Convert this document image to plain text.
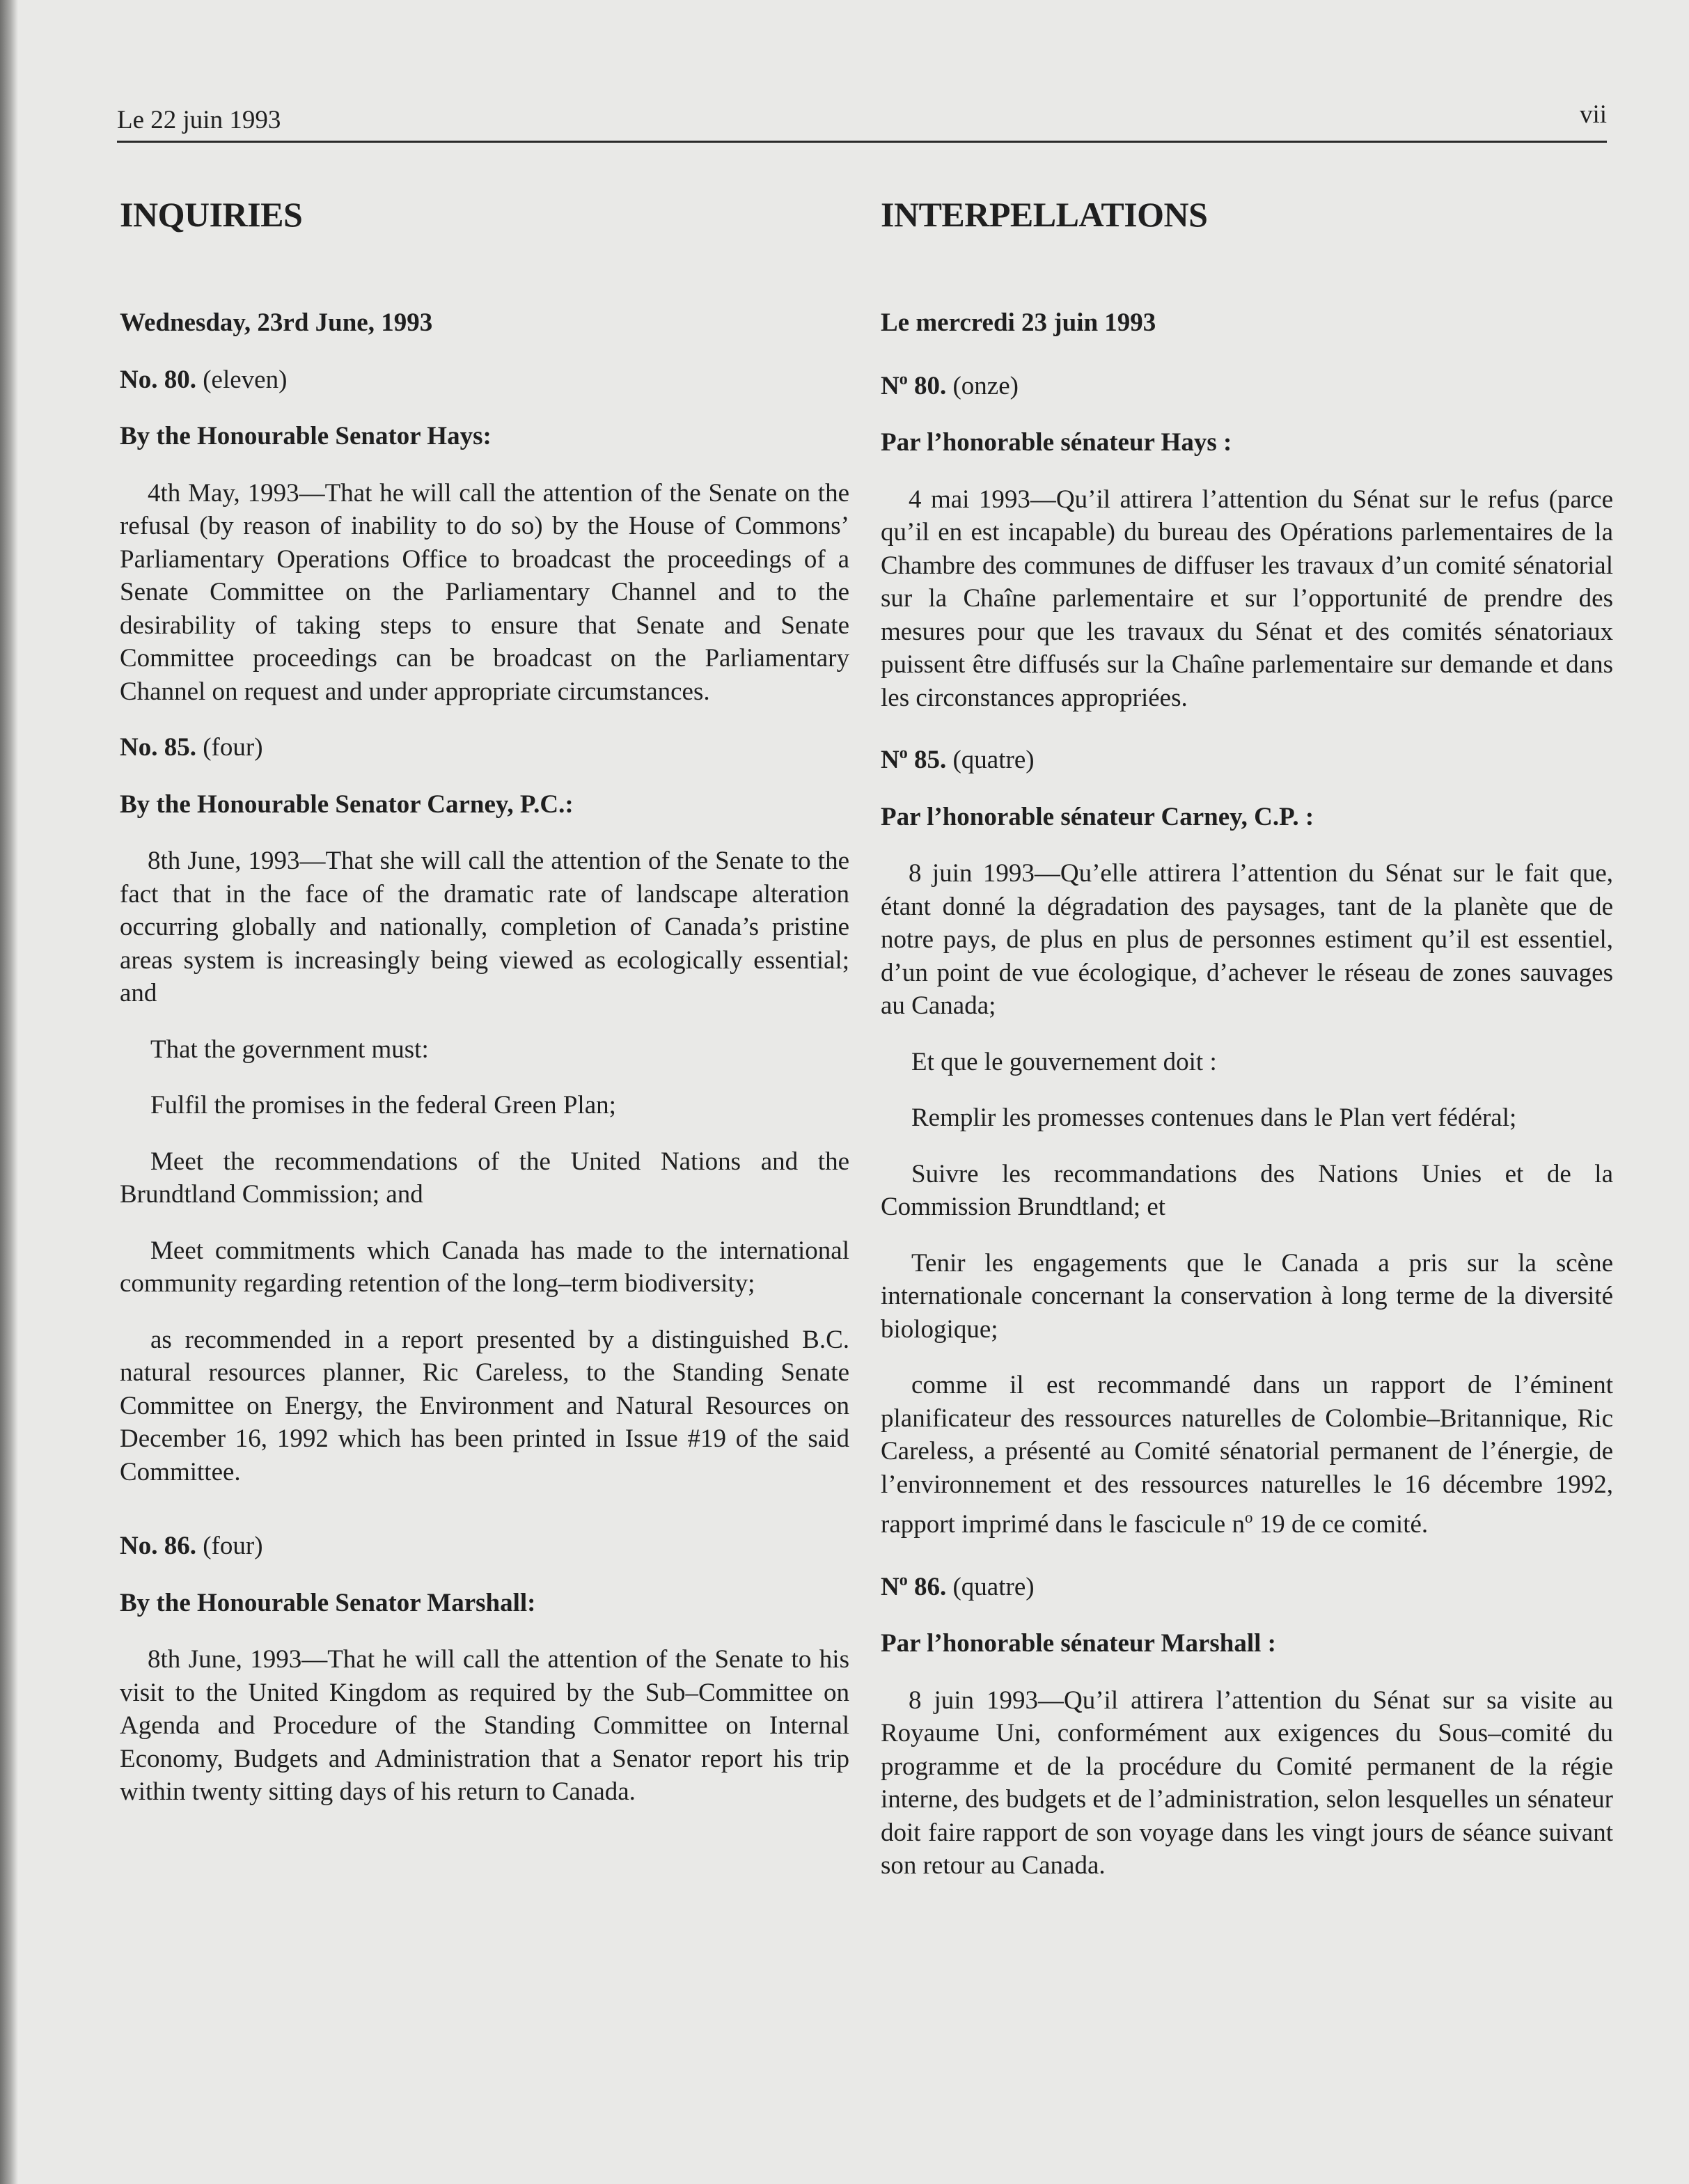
Le 22 juin 1993	vii
INQUIRIES
Wednesday, 23rd June, 1993
No. 80. (eleven)
By the Honourable Senator Hays:

4th May, 1993—That he will call the attention of the Senate on the refusal (by reason of inability to do so) by the House of Commons’ Parliamentary Operations Office to broadcast the proceedings of a Senate Committee on the Parliamentary Channel and to the desirability of taking steps to ensure that Senate and Senate Committee proceedings can be broadcast on the Parliamentary Channel on request and under appropriate circumstances.

No. 85. (four)
By the Honourable Senator Carney, P.C.:

8th June, 1993—That she will call the attention of the Senate to the fact that in the face of the dramatic rate of landscape alteration occurring globally and nationally, completion of Canada’s pristine areas system is increasingly being viewed as ecologically essential; and

That the government must:

Fulfil the promises in the federal Green Plan;

Meet the recommendations of the United Nations and the Brundtland Commission; and

Meet commitments which Canada has made to the international community regarding retention of the long–term biodiversity;

as recommended in a report presented by a distinguished B.C. natural resources planner, Ric Careless, to the Standing Senate Committee on Energy, the Environment and Natural Resources on December 16, 1992 which has been printed in Issue #19 of the said Committee.

No. 86. (four)
By the Honourable Senator Marshall:

8th June, 1993—That he will call the attention of the Senate to his visit to the United Kingdom as required by the Sub–Committee on Agenda and Procedure of the Standing Committee on Internal Economy, Budgets and Administration that a Senator report his trip within twenty sitting days of his return to Canada.

INTERPELLATIONS
Le mercredi 23 juin 1993
$N^o$ 80. (onze)
Par l’honorable sénateur Hays :

4 mai 1993—Qu’il attirera l’attention du Sénat sur le refus (parce qu’il en est incapable) du bureau des Opérations parlementaires de la Chambre des communes de diffuser les travaux d’un comité sénatorial sur la Chaîne parlementaire et sur l’opportunité de prendre des mesures pour que les travaux du Sénat et des comités sénatoriaux puissent être diffusés sur la Chaîne parlementaire sur demande et dans les circonstances appropriées.

$N^o$ 85. (quatre)
Par l’honorable sénateur Carney, C.P. :

8 juin 1993—Qu’elle attirera l’attention du Sénat sur le fait que, étant donné la dégradation des paysages, tant de la planète que de notre pays, de plus en plus de personnes estiment qu’il est essentiel, d’un point de vue écologique, d’achever le réseau de zones sauvages au Canada;

Et que le gouvernement doit :

Remplir les promesses contenues dans le Plan vert fédéral;

Suivre les recommandations des Nations Unies et de la Commission Brundtland; et

Tenir les engagements que le Canada a pris sur la scène internationale concernant la conservation à long terme de la diversité biologique;

comme il est recommandé dans un rapport de l’éminent planificateur des ressources naturelles de Colombie–Britannique, Ric Careless, a présenté au Comité sénatorial permanent de l’énergie, de l’environnement et des ressources naturelles le 16 décembre 1992, rapport imprimé dans le fascicule $n^o$ 19 de ce comité.

$N^o$ 86. (quatre)
Par l’honorable sénateur Marshall :

8 juin 1993—Qu’il attirera l’attention du Sénat sur sa visite au Royaume Uni, conformément aux exigences du Sous–comité du programme et de la procédure du Comité permanent de la régie interne, des budgets et de l’administration, selon lesquelles un sénateur doit faire rapport de son voyage dans les vingt jours de séance suivant son retour au Canada.
